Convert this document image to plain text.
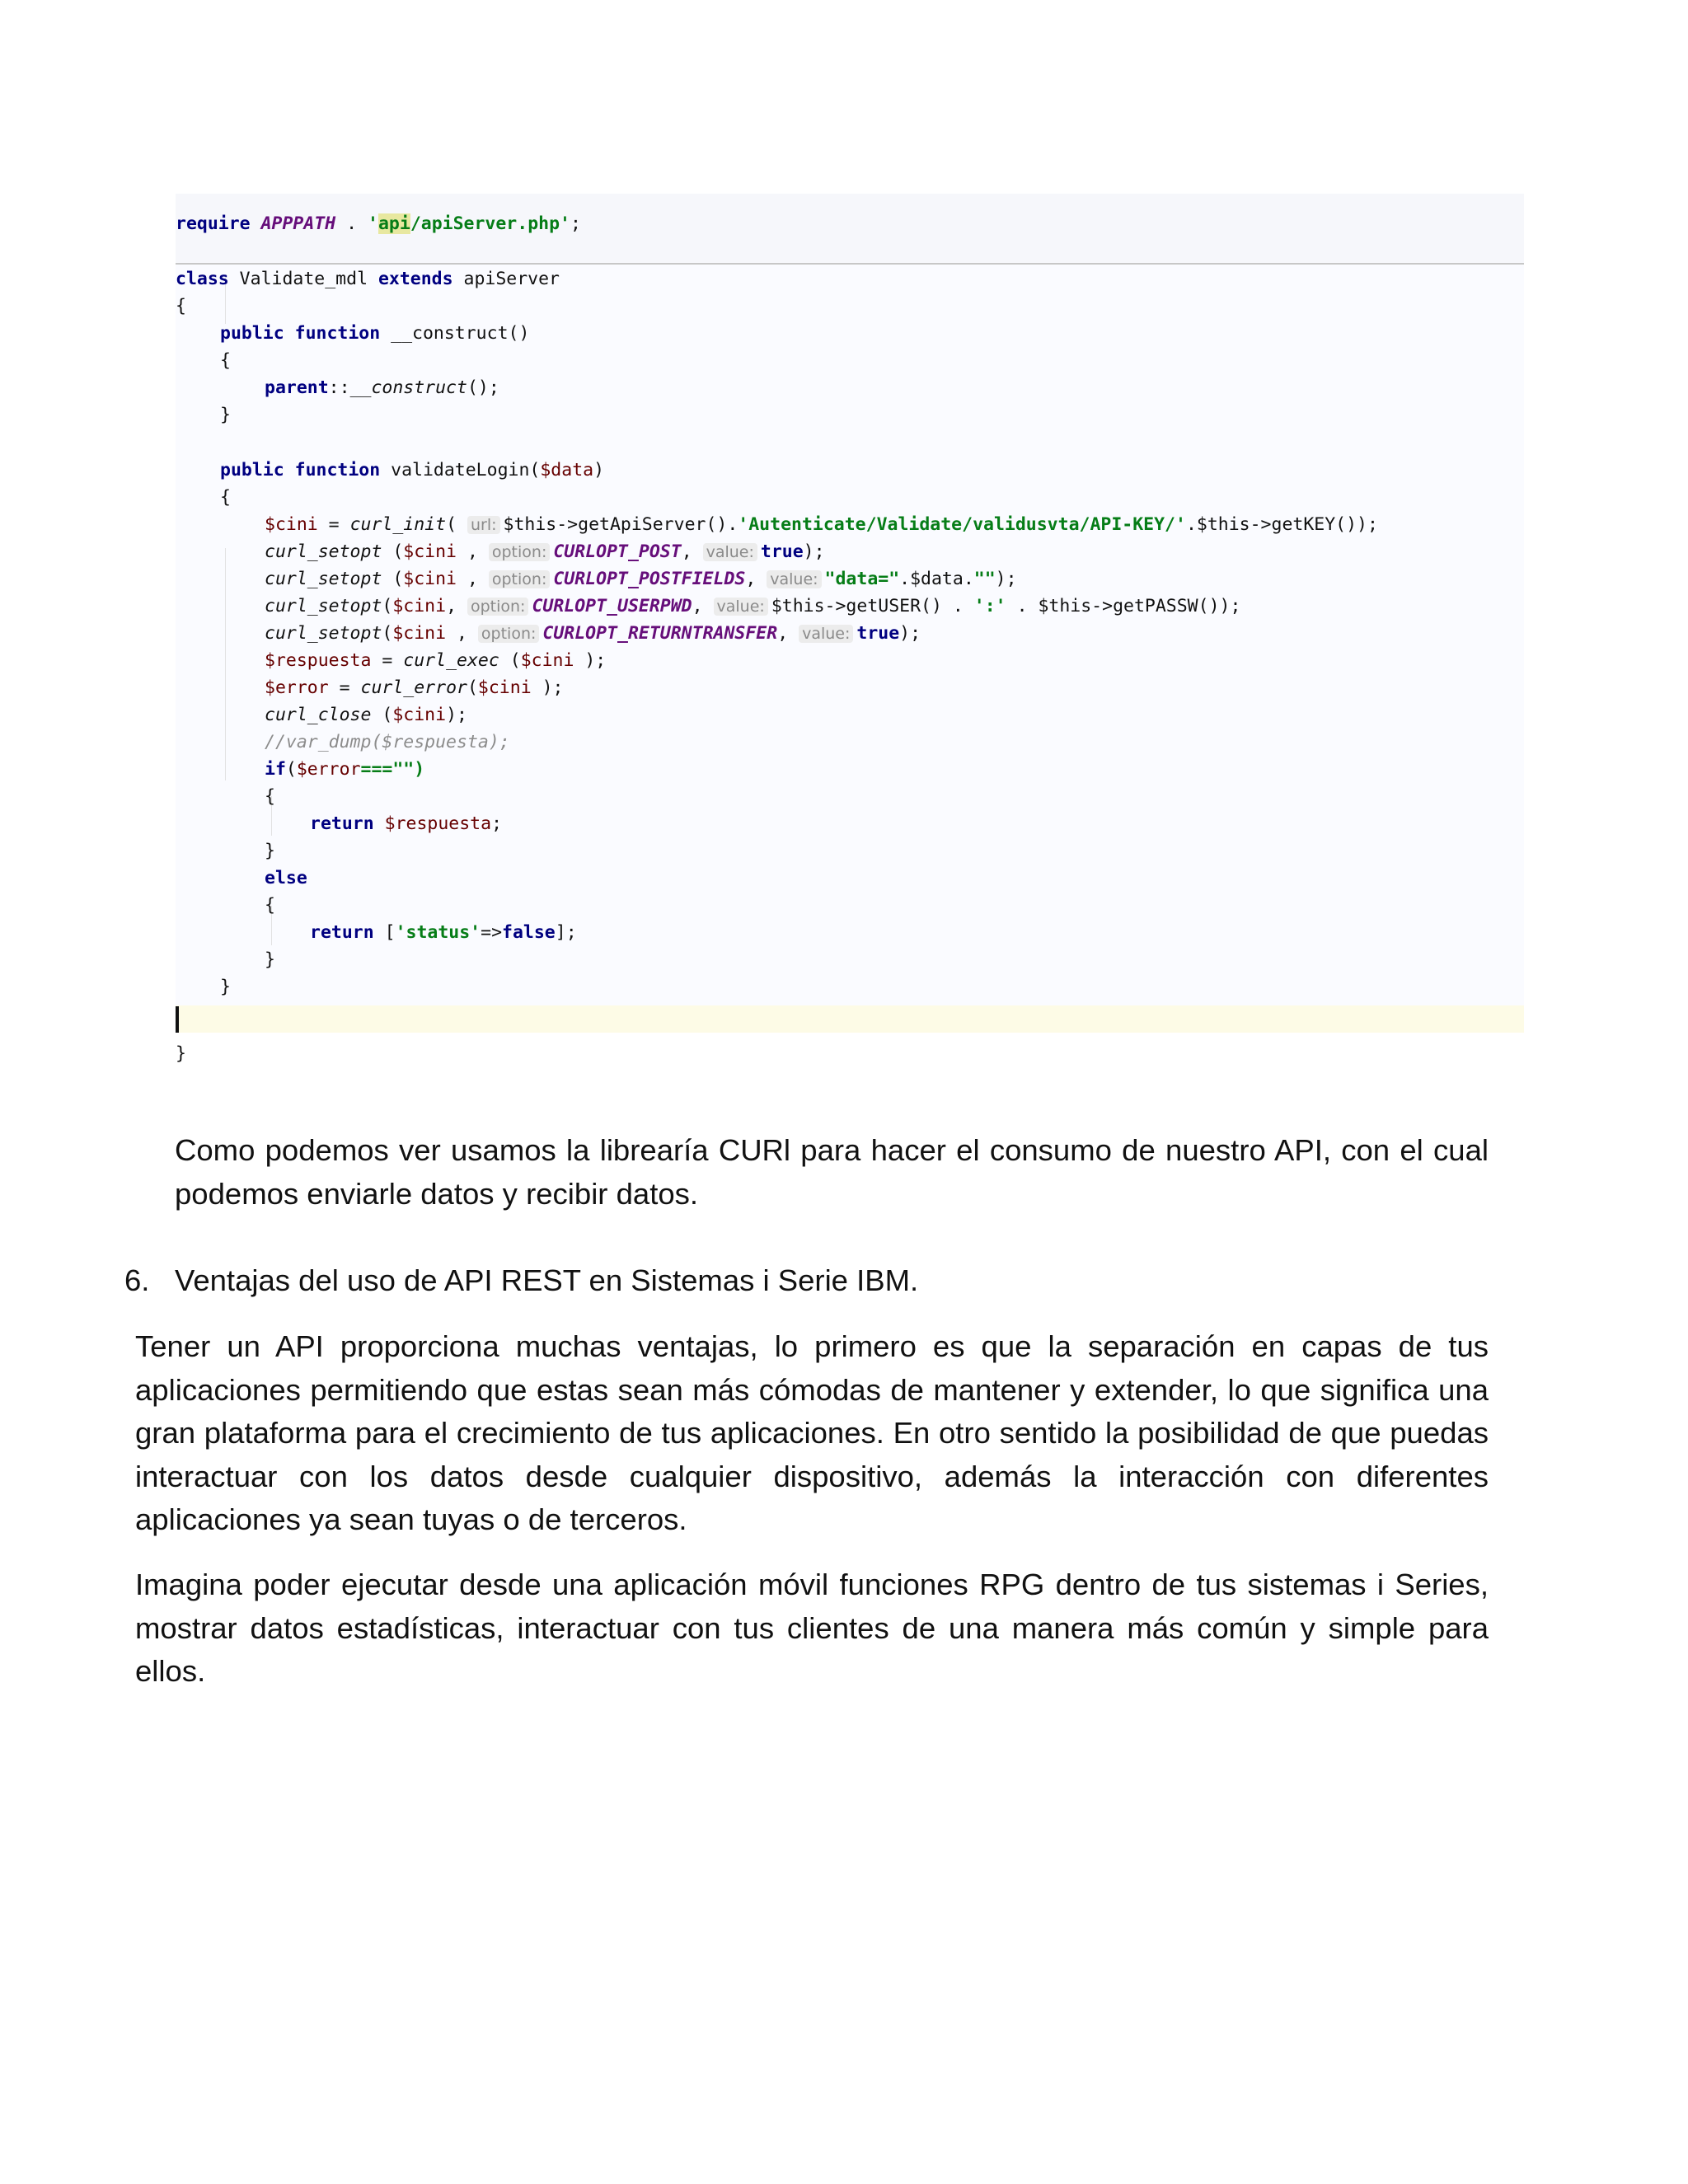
require APPPATH . 'api/apiServer.php';
class Validate_mdl extends apiServer
{
public function __construct()
{
parent::__construct();
}
public function validateLogin($data)
{
$cini = curl_init( url: $this->getApiServer().'Autenticate/Validate/validusvta/API-KEY/'.$this->getKEY());
curl_setopt ($cini , option: CURLOPT_POST, value: true);
curl_setopt ($cini , option: CURLOPT_POSTFIELDS, value: "data=".$data."");
curl_setopt($cini, option: CURLOPT_USERPWD, value: $this->getUSER() . ':' . $this->getPASSW());
curl_setopt($cini , option: CURLOPT_RETURNTRANSFER, value: true);
$respuesta = curl_exec ($cini );
$error = curl_error($cini );
curl_close ($cini);
//var_dump($respuesta);
if($error==="")
{
return $respuesta;
}
else
{
return ['status'=>false];
}
}
}

Como podemos ver usamos la librearía CURl para hacer el consumo de nuestro API, con el cual podemos enviarle datos y recibir datos.

6. Ventajas del uso de API REST en Sistemas i Serie IBM.

Tener un API proporciona muchas ventajas, lo primero es que la separación en capas de tus aplicaciones permitiendo que estas sean más cómodas de mantener y extender, lo que significa una gran plataforma para el crecimiento de tus aplicaciones. En otro sentido la posibilidad de que puedas interactuar con los datos desde cualquier dispositivo, además la interacción con diferentes aplicaciones ya sean tuyas o de terceros.

Imagina poder ejecutar desde una aplicación móvil funciones RPG dentro de tus sistemas i Series, mostrar datos estadísticas, interactuar con tus clientes de una manera más común y simple para ellos.
